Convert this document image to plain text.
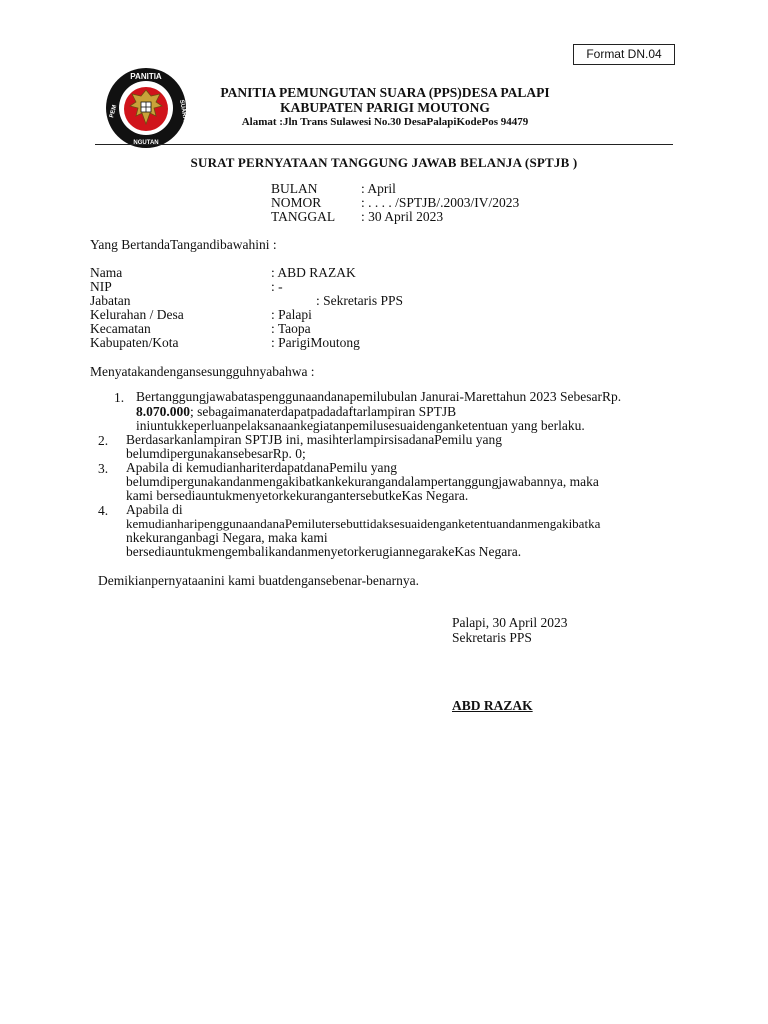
Format DN.04
PANITIA
PEM
NGUTAN
SUARA
PANITIA PEMUNGUTAN SUARA (PPS)DESA PALAPI
KABUPATEN PARIGI MOUTONG
Alamat :Jln Trans Sulawesi No.30 DesaPalapiKodePos 94479
SURAT PERNYATAAN TANGGUNG JAWAB BELANJA (SPTJB )
BULAN	: April
NOMOR	: . . . . /SPTJB/.2003/IV/2023
TANGGAL : 30 April 2023
Yang BertandaTangandibawahini :
Nama	: ABD RAZAK
NIP	: -
Jabatan	: Sekretaris PPS
Kelurahan / Desa	: Palapi
Kecamatan	: Taopa
Kabupaten/Kota	: ParigiMoutong
Menyatakandengansesungguhnyabahwa :
1. Bertanggungjawabataspenggunaandanapemilubulan Janurai-Marettahun 2023 SebesarRp.
8.070.000; sebagaimanaterdapatpadadaftarlampiran SPTJB
iniuntukkeperluanpelaksanaankegiatanpemilusesuaidenganketentuan yang berlaku.
2. Berdasarkanlampiran SPTJB ini, masihterlampirsisadanaPemilu yang
belumdipergunakansebesarRp. 0;
3. Apabila di kemudianhariterdapatdanaPemilu yang
belumdipergunakandanmengakibatkankekurangandalampertanggungjawabannya, maka
kami bersediauntukmenyetorkekurangantersebutkeKas Negara.
4. Apabila di
kemudianharipenggunaandanaPemilutersebuttidaksesuaidenganketentuandanmengakibatka
nkekuranganbagi Negara, maka kami
bersediauntukmengembalikandanmenyetorkerugiannegarakeKas Negara.
Demikianpernyataanini kami buatdengansebenar-benarnya.
Palapi, 30 April 2023
Sekretaris PPS
ABD RAZAK
